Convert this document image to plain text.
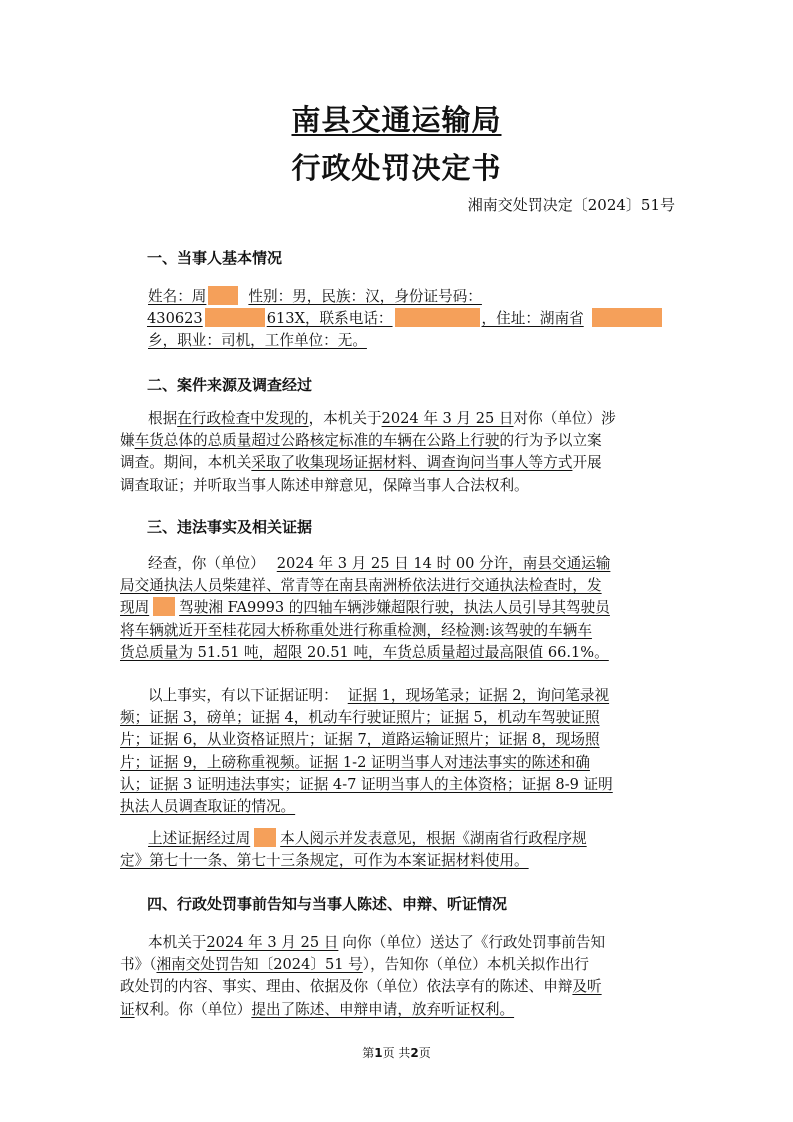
南县交通运输局
行政处罚决定书
湘南交处罚决定〔2024〕51号
一、当事人基本情况
姓名：周	性别：男，民族：汉，身份证号码：
430623	613X，联系电话：	，住址：湖南省
乡，职业：司机，工作单位：无。
二、案件来源及调查经过
根据在行政检查中发现的，本机关于2024 年 3 月 25 日对你（单位）涉
嫌车货总体的总质量超过公路核定标准的车辆在公路上行驶的行为予以立案
调查。期间，本机关采取了收集现场证据材料、调查询问当事人等方式开展
调查取证；并听取当事人陈述申辩意见，保障当事人合法权利。
三、违法事实及相关证据
经查，你（单位） 2024 年 3 月 25 日 14 时 00 分许，南县交通运输
局交通执法人员柴建祥、常青等在南县南洲桥依法进行交通执法检查时，发
现周 驾驶湘 FA9993 的四轴车辆涉嫌超限行驶，执法人员引导其驾驶员
将车辆就近开至桂花园大桥称重处进行称重检测，经检测:该驾驶的车辆车
货总质量为 51.51 吨，超限 20.51 吨，车货总质量超过最高限值 66.1%。
以上事实，有以下证据证明： 证据 1，现场笔录；证据 2，询问笔录视
频；证据 3，磅单；证据 4，机动车行驶证照片；证据 5，机动车驾驶证照
片；证据 6，从业资格证照片；证据 7，道路运输证照片；证据 8，现场照
片；证据 9，上磅称重视频。证据 1-2 证明当事人对违法事实的陈述和确
认；证据 3 证明违法事实；证据 4-7 证明当事人的主体资格；证据 8-9 证明
执法人员调查取证的情况。
上述证据经过周 本人阅示并发表意见，根据《湖南省行政程序规
定》第七十一条、第七十三条规定，可作为本案证据材料使用。
四、行政处罚事前告知与当事人陈述、申辩、听证情况
本机关于2024 年 3 月 25 日 向你（单位）送达了《行政处罚事前告知
书》（湘南交处罚告知〔2024〕51 号），告知你（单位）本机关拟作出行
政处罚的内容、事实、理由、依据及你（单位）依法享有的陈述、申辩及听
证权利。你（单位）提出了陈述、申辩申请，放弃听证权利。
第1页 共2页
